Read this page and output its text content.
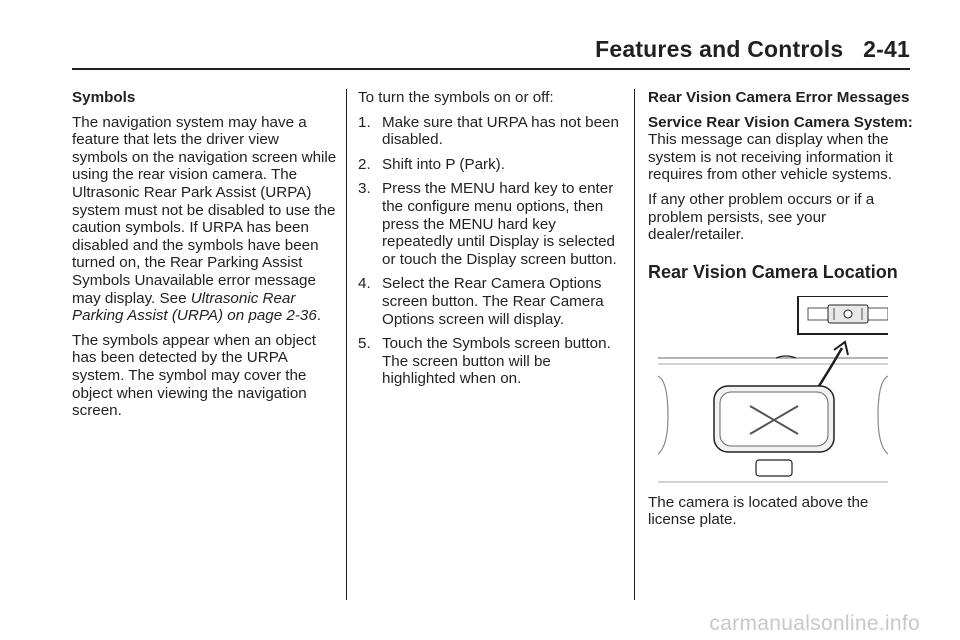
Features and Controls   2-41

Symbols

The navigation system may have a feature that lets the driver view symbols on the navigation screen while using the rear vision camera. The Ultrasonic Rear Park Assist (URPA) system must not be disabled to use the caution symbols. If URPA has been disabled and the symbols have been turned on, the Rear Parking Assist Symbols Unavailable error message may display. See Ultrasonic Rear Parking Assist (URPA) on page 2-36.

The symbols appear when an object has been detected by the URPA system. The symbol may cover the object when viewing the navigation screen.

To turn the symbols on or off:

1. Make sure that URPA has not been disabled.
2. Shift into P (Park).
3. Press the MENU hard key to enter the configure menu options, then press the MENU hard key repeatedly until Display is selected or touch the Display screen button.
4. Select the Rear Camera Options screen button. The Rear Camera Options screen will display.
5. Touch the Symbols screen button. The screen button will be highlighted when on.

Rear Vision Camera Error Messages

Service Rear Vision Camera System: This message can display when the system is not receiving information it requires from other vehicle systems.

If any other problem occurs or if a problem persists, see your dealer/retailer.

Rear Vision Camera Location

The camera is located above the license plate.

carmanualsonline.info
